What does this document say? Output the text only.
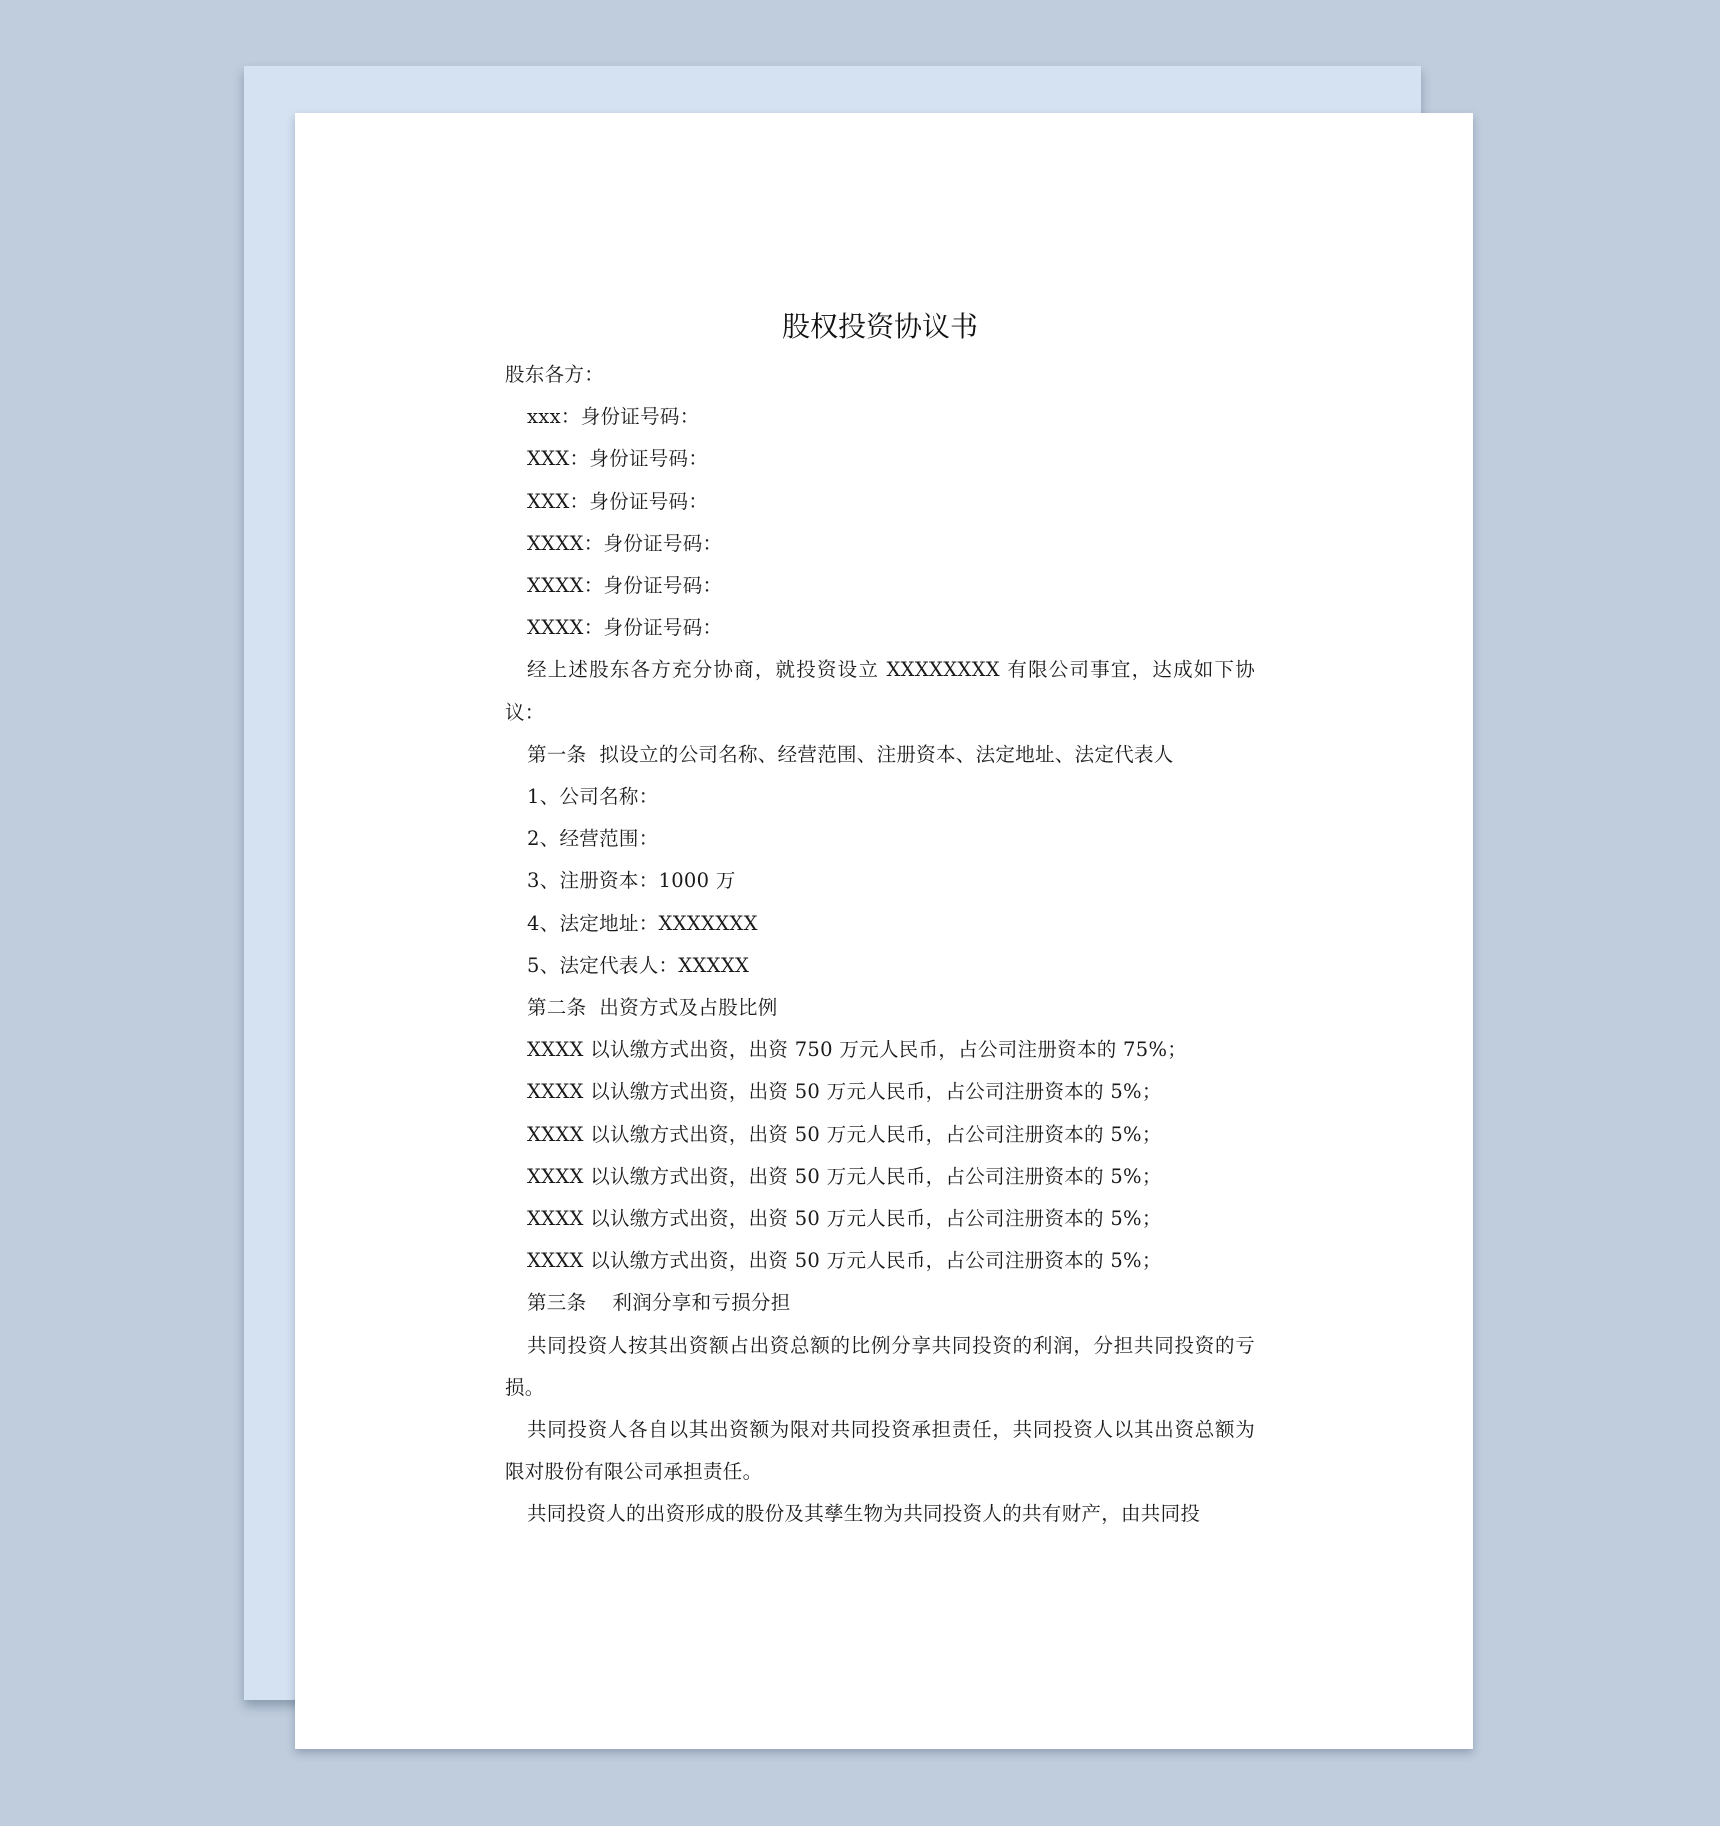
股权投资协议书

股东各方：

xxx：身份证号码：

XXX：身份证号码：

XXX：身份证号码：

XXXX：身份证号码：

XXXX：身份证号码：

XXXX：身份证号码：

经上述股东各方充分协商，就投资设立 XXXXXXXX 有限公司事宜，达成如下协议：

第一条  拟设立的公司名称、经营范围、注册资本、法定地址、法定代表人

1、公司名称：

2、经营范围：

3、注册资本：1000 万

4、法定地址：XXXXXXX

5、法定代表人：XXXXX

第二条  出资方式及占股比例

XXXX 以认缴方式出资，出资 750 万元人民币，占公司注册资本的 75%；

XXXX 以认缴方式出资，出资 50 万元人民币，占公司注册资本的 5%；

XXXX 以认缴方式出资，出资 50 万元人民币，占公司注册资本的 5%；

XXXX 以认缴方式出资，出资 50 万元人民币，占公司注册资本的 5%；

XXXX 以认缴方式出资，出资 50 万元人民币，占公司注册资本的 5%；

XXXX 以认缴方式出资，出资 50 万元人民币，占公司注册资本的 5%；

第三条    利润分享和亏损分担

共同投资人按其出资额占出资总额的比例分享共同投资的利润，分担共同投资的亏损。

共同投资人各自以其出资额为限对共同投资承担责任，共同投资人以其出资总额为限对股份有限公司承担责任。

共同投资人的出资形成的股份及其孳生物为共同投资人的共有财产，由共同投
